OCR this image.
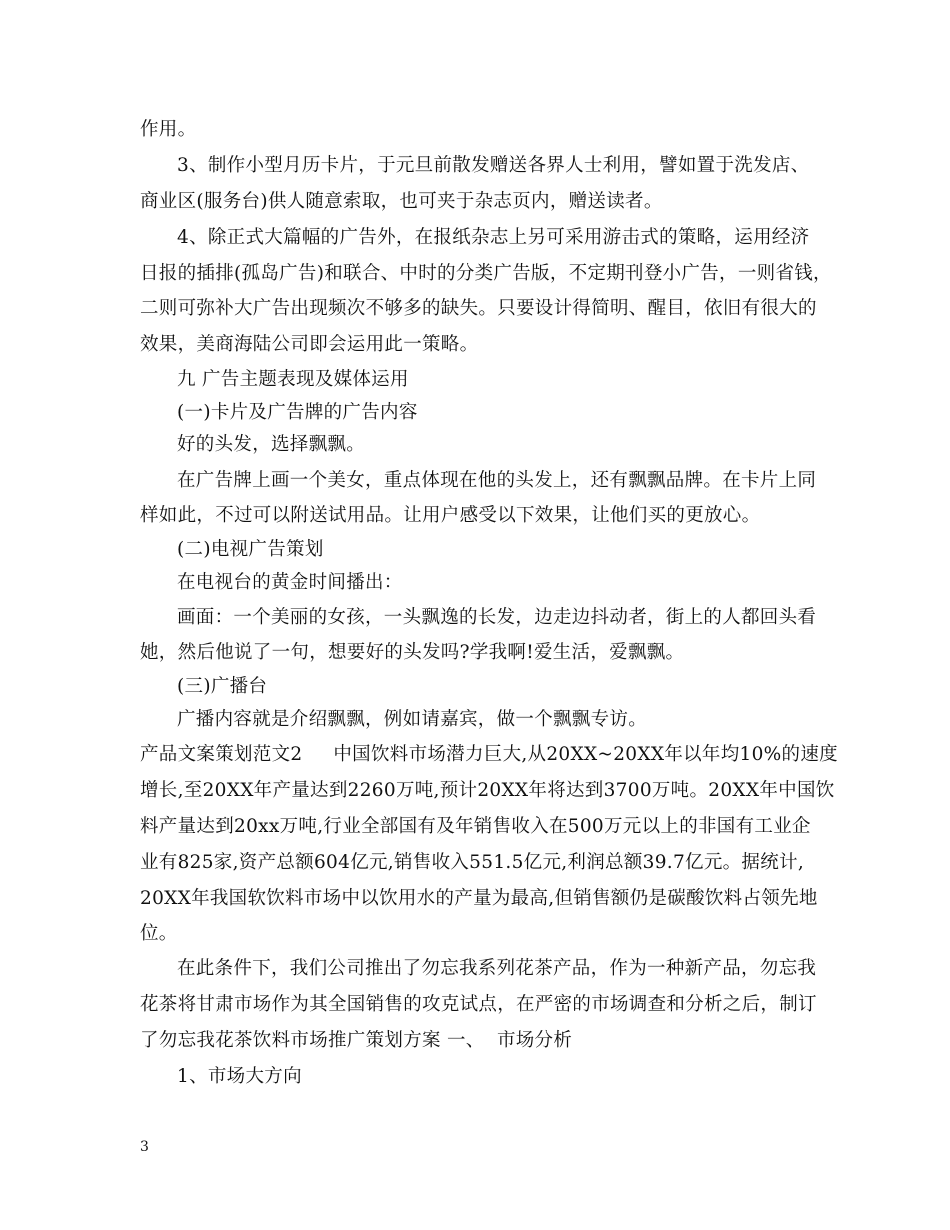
作用。
3、制作小型月历卡片，于元旦前散发赠送各界人士利用，譬如置于洗发店、
商业区(服务台)供人随意索取，也可夹于杂志页内，赠送读者。
4、除正式大篇幅的广告外，在报纸杂志上另可采用游击式的策略，运用经济
日报的插排(孤岛广告)和联合、中时的分类广告版，不定期刊登小广告，一则省钱，
二则可弥补大广告出现频次不够多的缺失。只要设计得简明、醒目，依旧有很大的
效果，美商海陆公司即会运用此一策略。
九 广告主题表现及媒体运用
(一)卡片及广告牌的广告内容
好的头发，选择飘飘。
在广告牌上画一个美女，重点体现在他的头发上，还有飘飘品牌。在卡片上同
样如此，不过可以附送试用品。让用户感受以下效果，让他们买的更放心。
(二)电视广告策划
在电视台的黄金时间播出：
画面：一个美丽的女孩，一头飘逸的长发，边走边抖动者，街上的人都回头看
她，然后他说了一句，想要好的头发吗?学我啊!爱生活，爱飘飘。
(三)广播台
广播内容就是介绍飘飘，例如请嘉宾，做一个飘飘专访。
产品文案策划范文2     中国饮料市场潜力巨大,从20XX~20XX年以年均10%的速度
增长,至20XX年产量达到2260万吨,预计20XX年将达到3700万吨。20XX年中国饮
料产量达到20xx万吨,行业全部国有及年销售收入在500万元以上的非国有工业企
业有825家,资产总额604亿元,销售收入551.5亿元,利润总额39.7亿元。据统计,
20XX年我国软饮料市场中以饮用水的产量为最高,但销售额仍是碳酸饮料占领先地
位。
在此条件下，我们公司推出了勿忘我系列花茶产品，作为一种新产品，勿忘我
花茶将甘肃市场作为其全国销售的攻克试点，在严密的市场调查和分析之后，制订
了勿忘我花茶饮料市场推广策划方案 一、  市场分析
1、市场大方向
3
